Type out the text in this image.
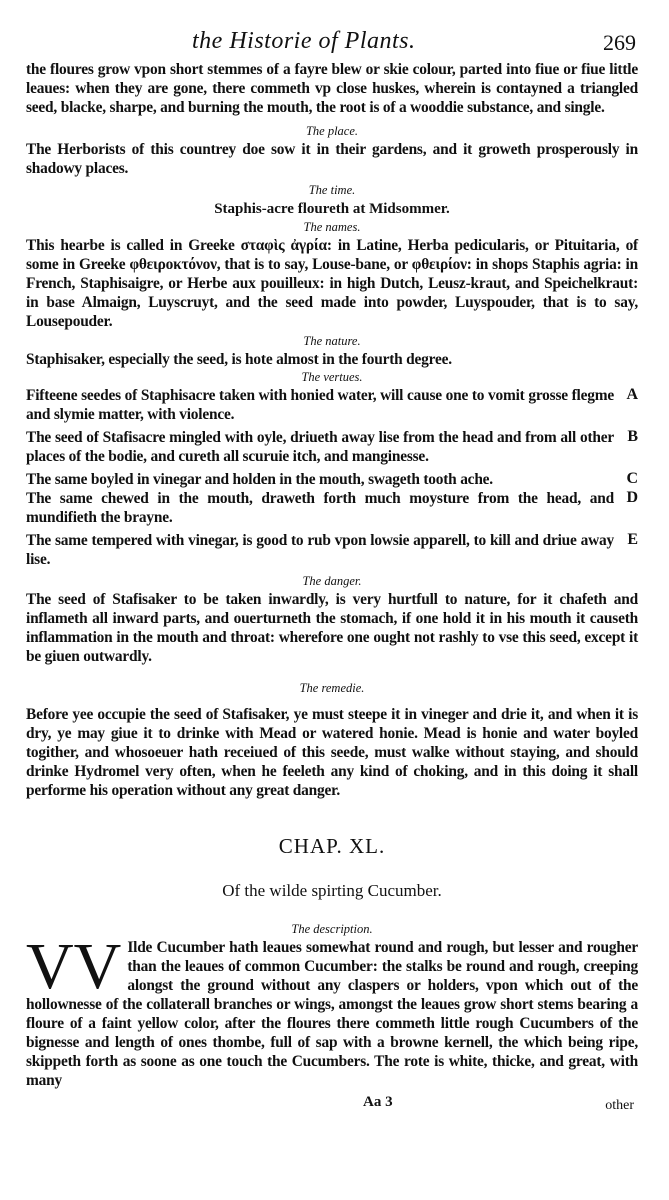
the Historie of Plants.	269

the floures grow vpon short stemmes of a fayre blew or skie colour, parted into fiue or fiue little leaues: when they are gone, there commeth vp close huskes, wherein is contayned a triangled seed, blacke, sharpe, and burning the mouth, the root is of a wooddie substance, and single.

The place.

The Herborists of this countrey doe sow it in their gardens, and it groweth prosperously in shadowy places.

The time.

Staphis-acre floureth at Midsommer.

The names.

This hearbe is called in Greeke σταφὶς ἀγρία: in Latine, Herba pedicularis, or Pituitaria, of some in Greeke φθειροκτόνον, that is to say, Louse-bane, or φθειρίον: in shops Staphis agria: in French, Staphisaigre, or Herbe aux pouilleux: in high Dutch, Leusz-kraut, and Speichelkraut: in base Almaign, Luyscruyt, and the seed made into powder, Luyspouder, that is to say, Lousepouder.

The nature.

Staphisaker, especially the seed, is hote almost in the fourth degree.

The vertues.

Fifteene seedes of Staphisacre taken with honied water, will cause one to vomit grosse flegme and slymie matter, with violence.

A

The seed of Stafisacre mingled with oyle, driueth away lise from the head and from all other places of the bodie, and cureth all scuruie itch, and manginesse.

B

The same boyled in vinegar and holden in the mouth, swageth tooth ache.	C

The same chewed in the mouth, draweth forth much moysture from the head, and mundifieth the brayne.

D

The same tempered with vinegar, is good to rub vpon lowsie apparell, to kill and driue away lise.

E

The danger.

The seed of Stafisaker to be taken inwardly, is very hurtfull to nature, for it chafeth and inflameth all inward parts, and ouerturneth the stomach, if one hold it in his mouth it causeth inflammation in the mouth and throat: wherefore one ought not rashly to vse this seed, except it be giuen outwardly.

The remedie.

Before yee occupie the seed of Stafisaker, ye must steepe it in vineger and drie it, and when it is dry, ye may giue it to drinke with Mead or watered honie. Mead is honie and water boyled togither, and whosoeuer hath receiued of this seede, must walke without staying, and should drinke Hydromel very often, when he feeleth any kind of choking, and in this doing it shall performe his operation without any great danger.

CHAP. XL.

Of the wilde spirting Cucumber.

The description.

VV Ilde Cucumber hath leaues somewhat round and rough, but lesser and rougher than the leaues of common Cucumber: the stalks be round and rough, creeping alongst the ground without any claspers or holders, vpon which out of the hollownesse of the collaterall branches or wings, amongst the leaues grow short stems bearing a floure of a faint yellow color, after the floures there commeth little rough Cucumbers of the bignesse and length of ones thombe, full of sap with a browne kernell, the which being ripe, skippeth forth as soone as one touch the Cucumbers. The rote is white, thicke, and great, with many

Aa 3	other
